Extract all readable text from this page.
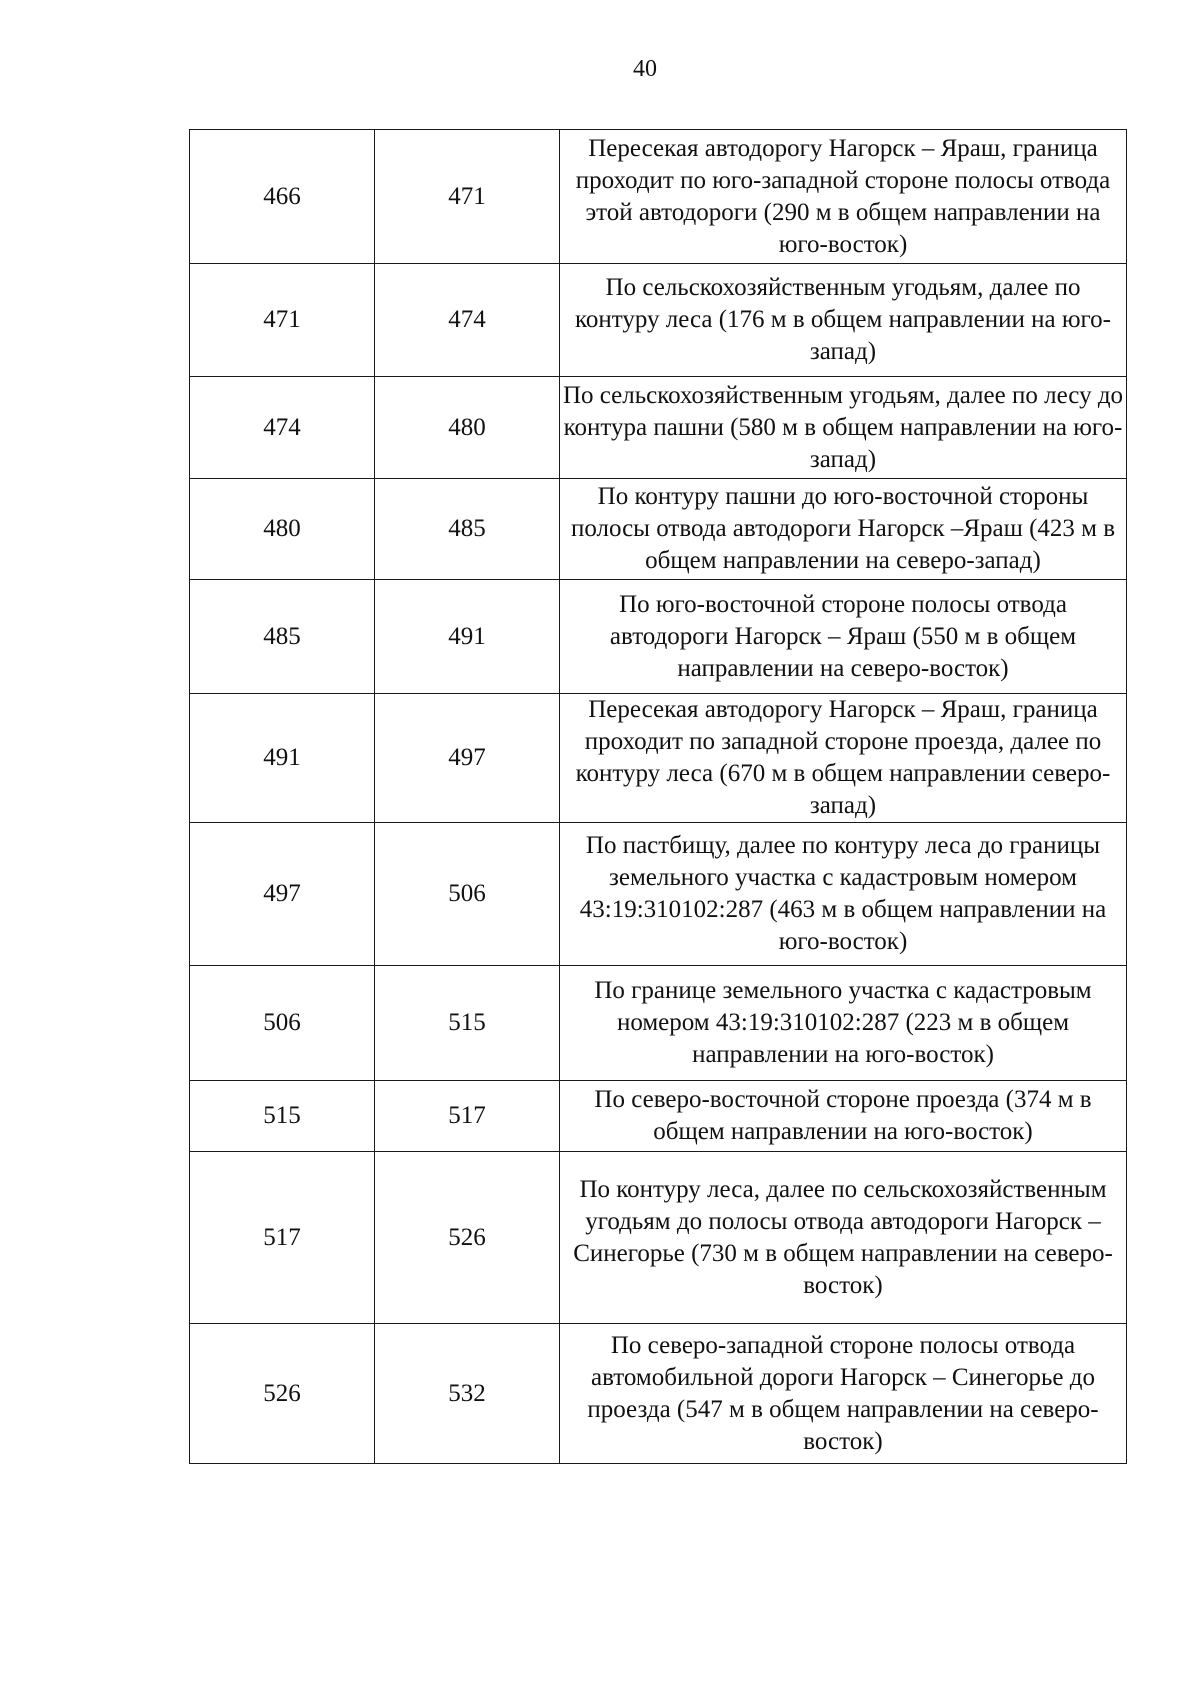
40
466	471	Пересекая автодорогу Нагорск – Яраш, граница проходит по юго-западной стороне полосы отвода этой автодороги (290 м в общем направлении на юго-восток)
471	474	По сельскохозяйственным угодьям, далее по контуру леса (176 м в общем направлении на юго-запад)
474	480	По сельскохозяйственным угодьям, далее по лесу до контура пашни (580 м в общем направлении на юго-запад)
480	485	По контуру пашни до юго-восточной стороны полосы отвода автодороги Нагорск –Яраш (423 м в общем направлении на северо-запад)
485	491	По юго-восточной стороне полосы отвода автодороги Нагорск – Яраш (550 м в общем направлении на северо-восток)
491	497	Пересекая автодорогу Нагорск – Яраш, граница проходит по западной стороне проезда, далее по контуру леса (670 м в общем направлении северо-запад)
497	506	По пастбищу, далее по контуру леса до границы земельного участка с кадастровым номером 43:19:310102:287 (463 м в общем направлении на юго-восток)
506	515	По границе земельного участка с кадастровым номером 43:19:310102:287 (223 м в общем направлении на юго-восток)
515	517	По северо-восточной стороне проезда (374 м в общем направлении на юго-восток)
517	526	По контуру леса, далее по сельскохозяйственным угодьям до полосы отвода автодороги Нагорск – Синегорье (730 м в общем направлении на северо-восток)
526	532	По северо-западной стороне полосы отвода автомобильной дороги Нагорск – Синегорье до проезда (547 м в общем направлении на северо-восток)
